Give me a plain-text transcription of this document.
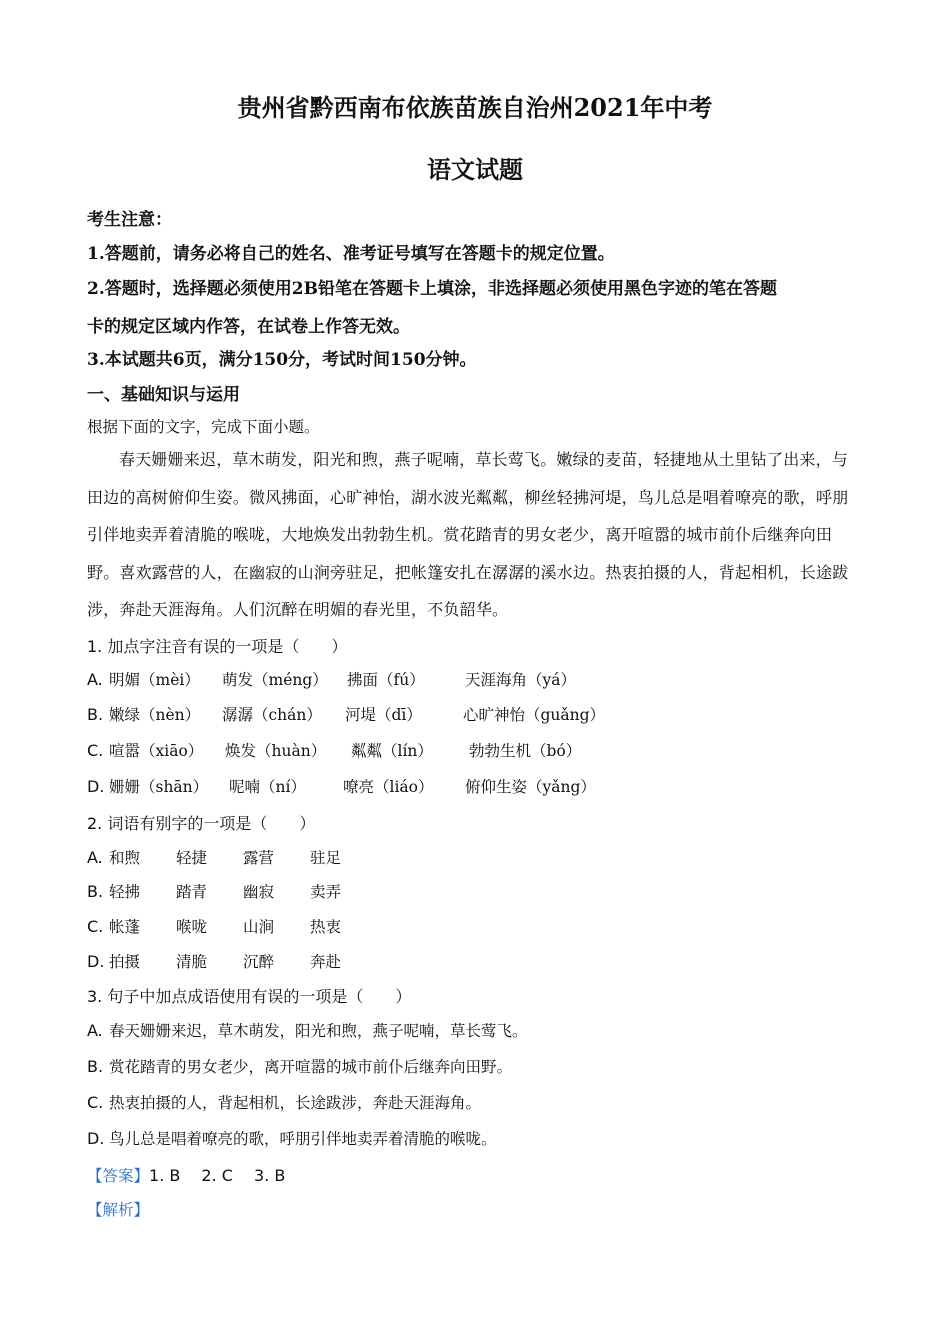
贵州省黔西南布依族苗族自治州2021年中考
语文试题
考生注意：
1.答题前，请务必将自己的姓名、准考证号填写在答题卡的规定位置。
2.答题时，选择题必须使用2B铅笔在答题卡上填涂，非选择题必须使用黑色字迹的笔在答题
卡的规定区域内作答，在试卷上作答无效。
3.本试题共6页，满分150分，考试时间150分钟。
一、基础知识与运用
根据下面的文字，完成下面小题。
春天姗姗来迟，草木萌发，阳光和煦，燕子呢喃，草长莺飞。嫩绿的麦苗，轻捷地从土里钻了出来，与田边的高树俯仰生姿。微风拂面，心旷神怡，湖水波光粼粼，柳丝轻拂河堤，鸟儿总是唱着嘹亮的歌，呼朋引伴地卖弄着清脆的喉咙，大地焕发出勃勃生机。赏花踏青的男女老少，离开喧嚣的城市前仆后继奔向田野。喜欢露营的人，在幽寂的山涧旁驻足，把帐篷安扎在潺潺的溪水边。热衷拍摄的人，背起相机，长途跋涉，奔赴天涯海角。人们沉醉在明媚的春光里，不负韶华。
1. 加点字注音有误的一项是（　　）
A. 明媚（mèi） 萌发（méng） 拂面（fú）	天涯海角（yá）
B. 嫩绿（nèn） 潺潺（chán） 河堤（dī）	心旷神怡（guǎng）
C. 喧嚣（xiāo） 焕发（huàn） 粼粼（lín） 勃勃生机（bó）
D. 姗姗（shān） 呢喃（ní） 嘹亮（liáo） 俯仰生姿（yǎng）
2. 词语有别字的一项是（　　）
A. 和煦 轻捷 露营 驻足
B. 轻拂 踏青 幽寂 卖弄
C. 帐蓬 喉咙 山涧 热衷
D. 拍摄 清脆 沉醉 奔赴
3. 句子中加点成语使用有误的一项是（　　）
A. 春天姗姗来迟，草木萌发，阳光和煦，燕子呢喃，草长莺飞。
B. 赏花踏青的男女老少，离开喧嚣的城市前仆后继奔向田野。
C. 热衷拍摄的人，背起相机，长途跋涉，奔赴天涯海角。
D. 鸟儿总是唱着嘹亮的歌，呼朋引伴地卖弄着清脆的喉咙。
【答案】1. B　 2. C　 3. B
【解析】
